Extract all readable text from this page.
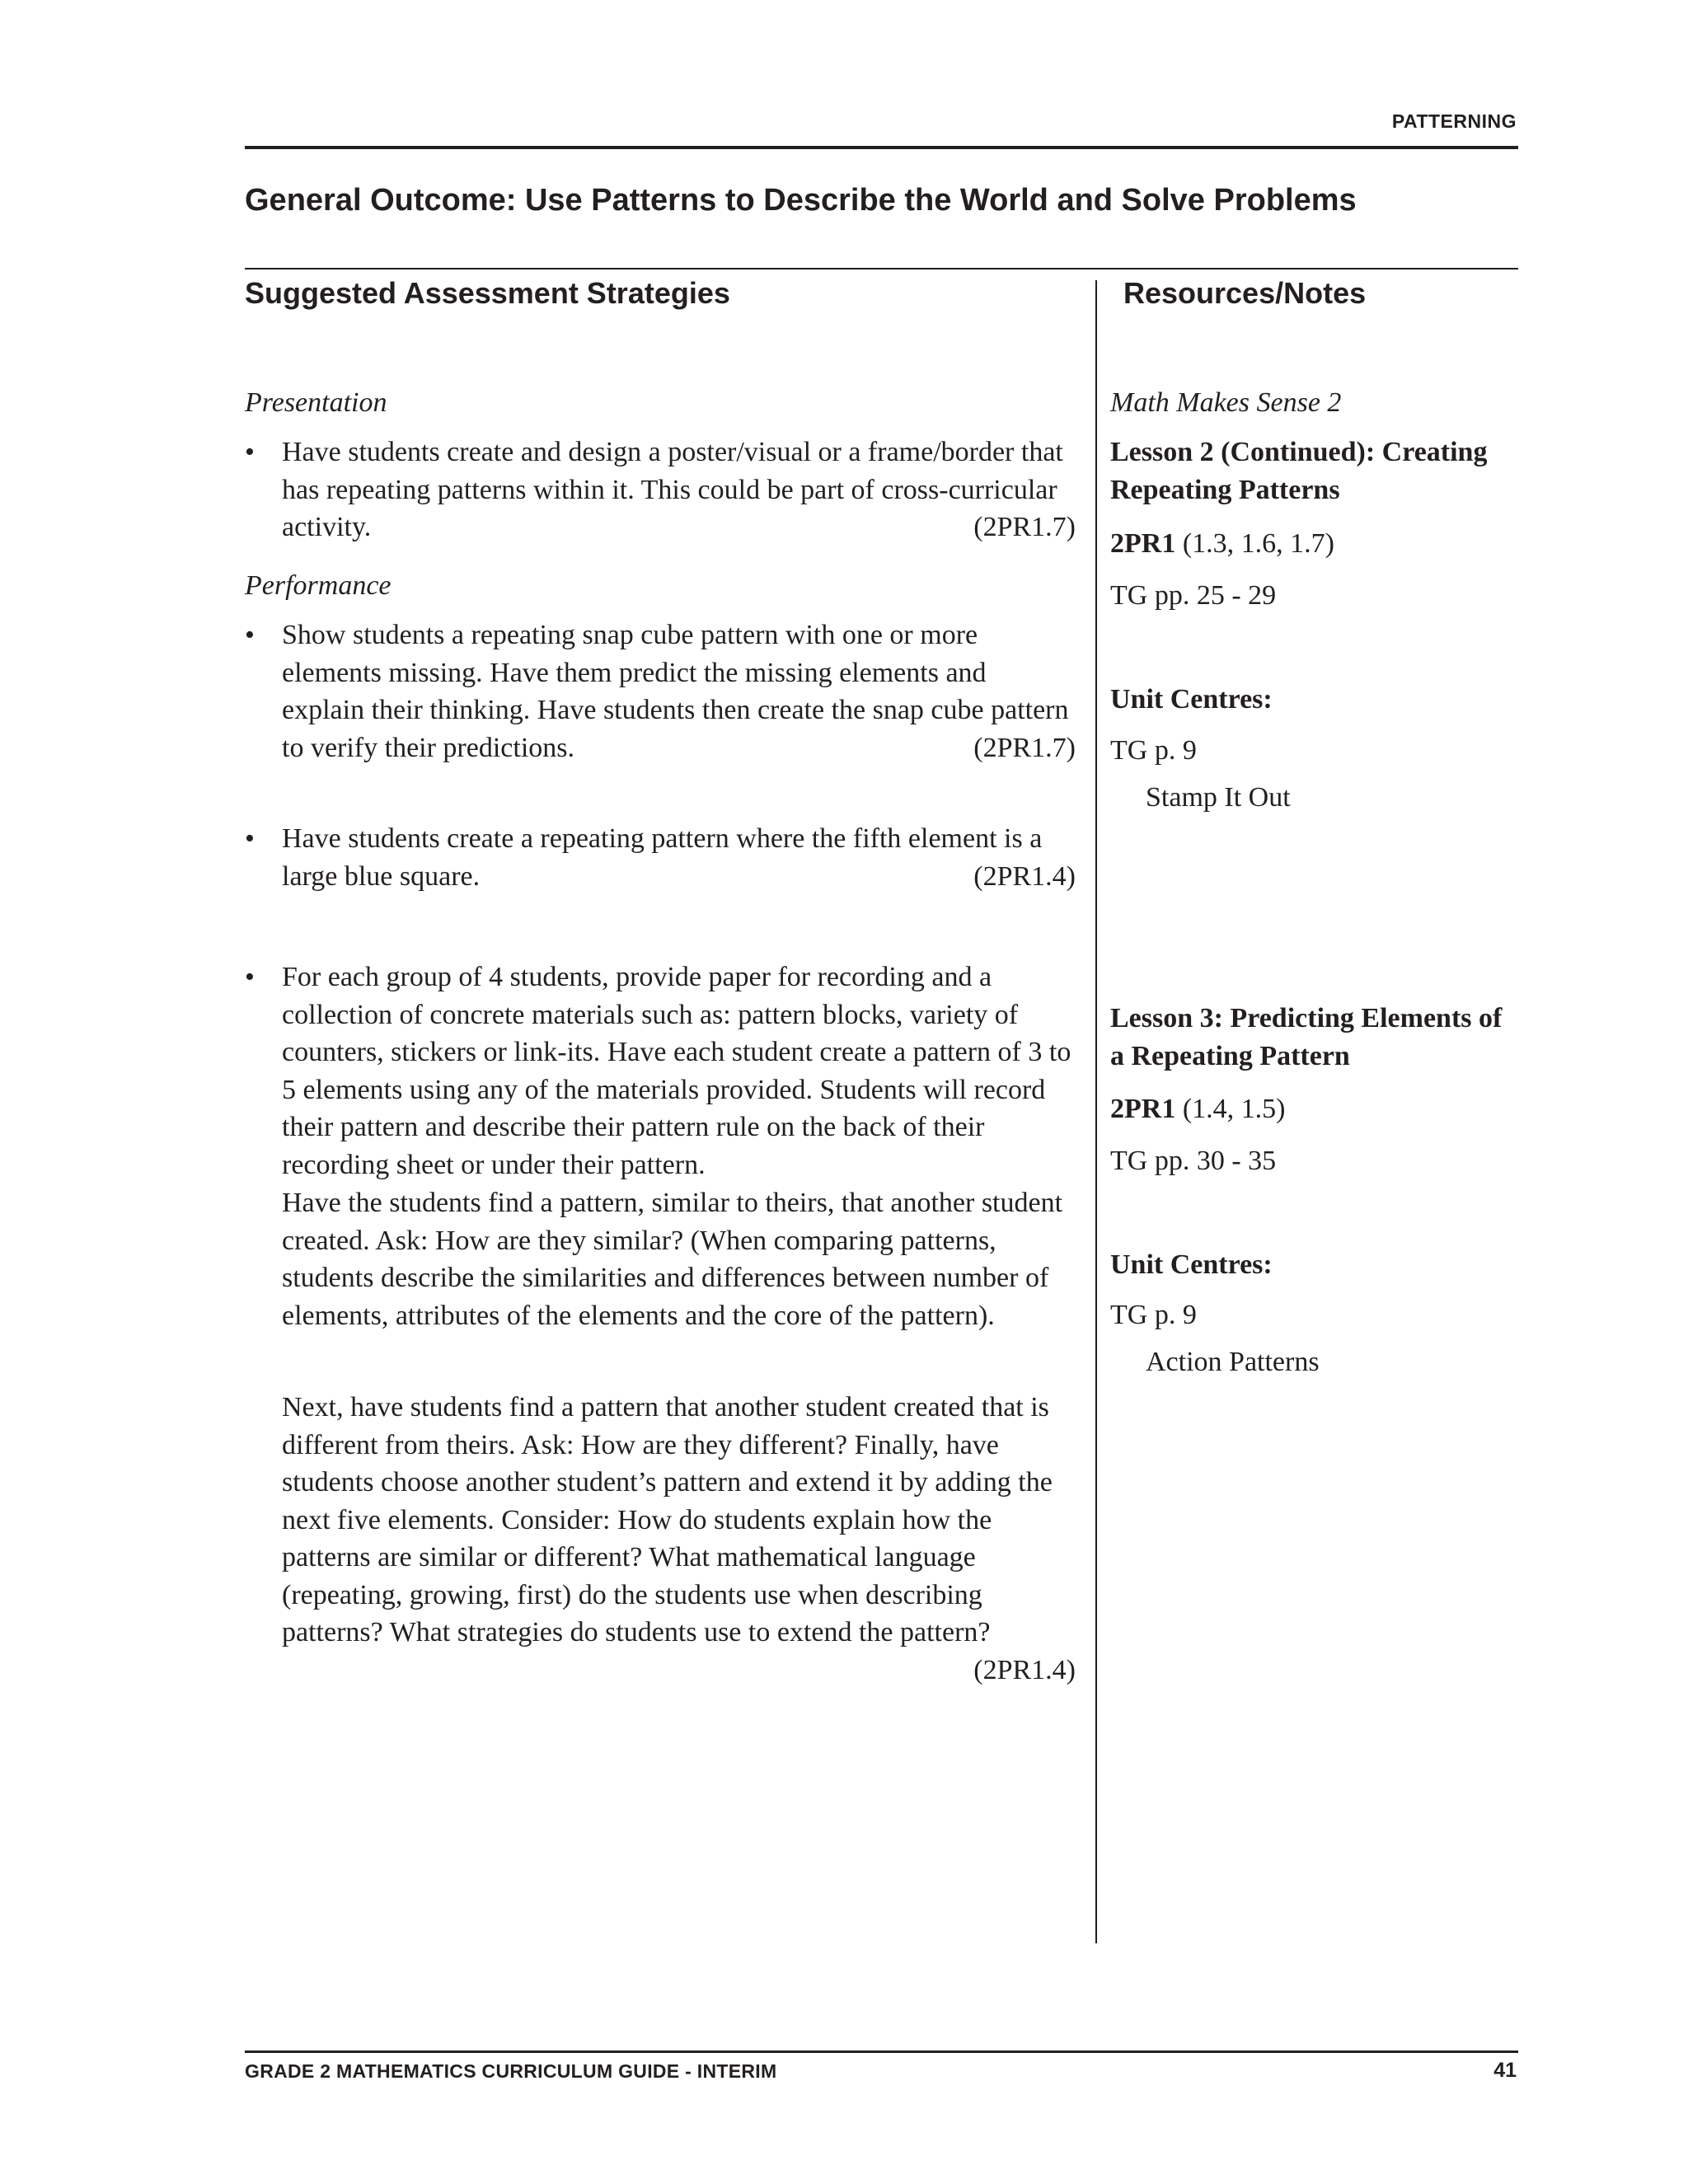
PATTERNING
General Outcome: Use Patterns to Describe the World and Solve Problems
Suggested Assessment Strategies	Resources/Notes
Presentation
• Have students create and design a poster/visual or a frame/border that has repeating patterns within it. This could be part of cross-curricular activity.	(2PR1.7)
Performance
• Show students a repeating snap cube pattern with one or more elements missing. Have them predict the missing elements and explain their thinking. Have students then create the snap cube pattern to verify their predictions.	(2PR1.7)
• Have students create a repeating pattern where the fifth element is a large blue square.	(2PR1.4)
• For each group of 4 students, provide paper for recording and a collection of concrete materials such as: pattern blocks, variety of counters, stickers or link-its. Have each student create a pattern of 3 to 5 elements using any of the materials provided. Students will record their pattern and describe their pattern rule on the back of their recording sheet or under their pattern.
Have the students find a pattern, similar to theirs, that another student created. Ask: How are they similar? (When comparing patterns, students describe the similarities and differences between number of elements, attributes of the elements and the core of the pattern).
Next, have students find a pattern that another student created that is different from theirs. Ask: How are they different? Finally, have students choose another student’s pattern and extend it by adding the next five elements. Consider: How do students explain how the patterns are similar or different? What mathematical language (repeating, growing, first) do the students use when describing patterns? What strategies do students use to extend the pattern?
(2PR1.4)
Math Makes Sense 2
Lesson 2 (Continued): Creating Repeating Patterns
2PR1 (1.3, 1.6, 1.7)
TG pp. 25 - 29
Unit Centres:
TG p. 9
Stamp It Out
Lesson 3: Predicting Elements of a Repeating Pattern
2PR1 (1.4, 1.5)
TG pp. 30 - 35
Unit Centres:
TG p. 9
Action Patterns
GRADE 2 MATHEMATICS CURRICULUM GUIDE - INTERIM	41
